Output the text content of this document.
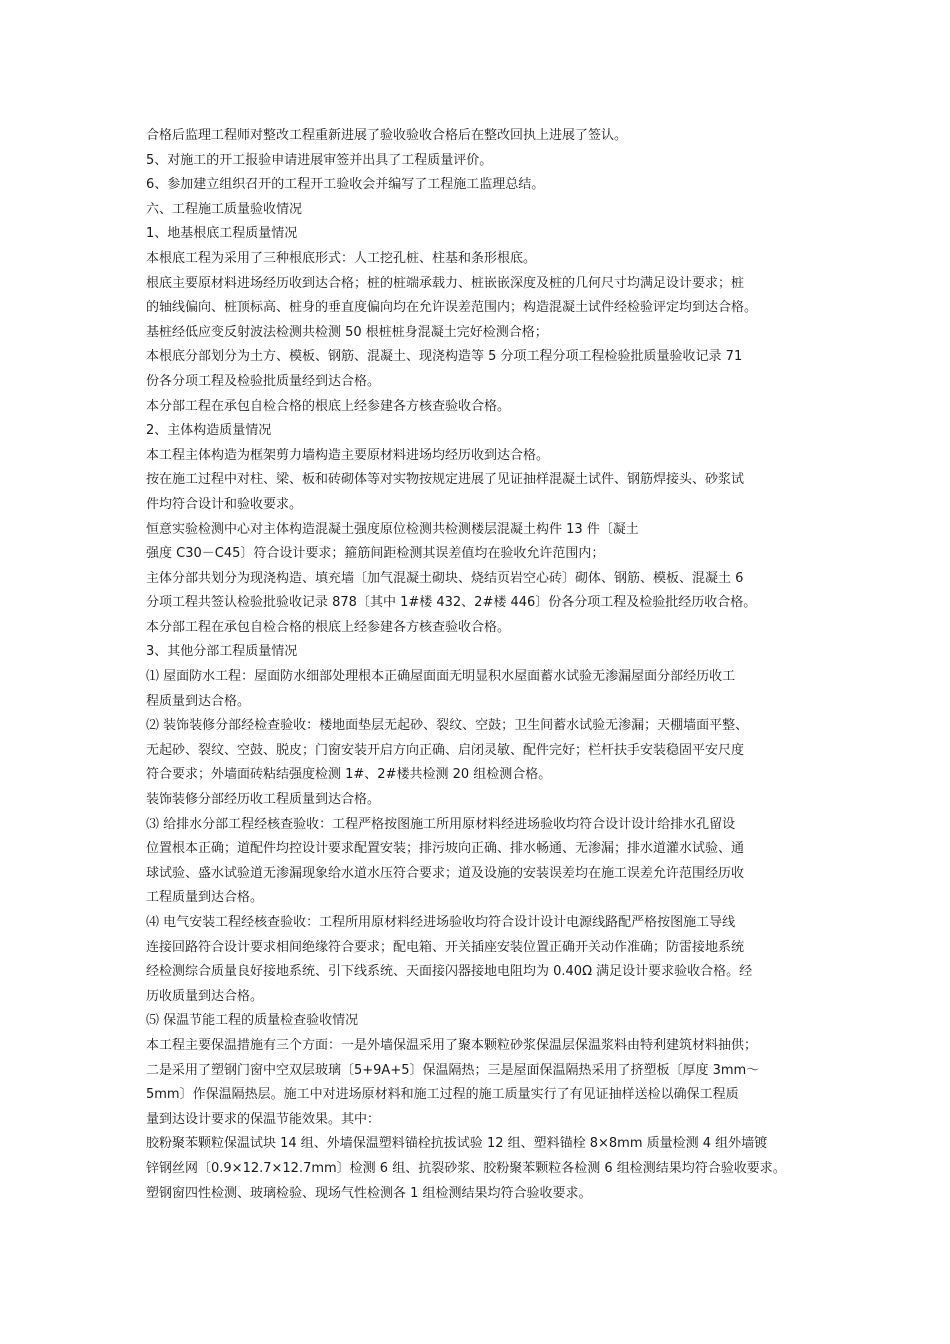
合格后监理工程师对整改工程重新进展了验收验收合格后在整改回执上进展了签认。
5、对施工的开工报验申请进展审签并出具了工程质量评价。
6、参加建立组织召开的工程开工验收会并编写了工程施工监理总结。
六、工程施工质量验收情况
1、地基根底工程质量情况
本根底工程为采用了三种根底形式：人工挖孔桩、柱基和条形根底。
根底主要原材料进场经历收到达合格；桩的桩端承载力、桩嵌嵌深度及桩的几何尺寸均满足设计要求；桩
的轴线偏向、桩顶标高、桩身的垂直度偏向均在允许误差范围内；构造混凝土试件经检验评定均到达合格。
基桩经低应变反射波法检测共检测 50 根桩桩身混凝土完好检测合格；
本根底分部划分为土方、模板、钢筋、混凝土、现浇构造等 5 分项工程分项工程检验批质量验收记录 71
份各分项工程及检验批质量经到达合格。
本分部工程在承包自检合格的根底上经参建各方核查验收合格。
2、主体构造质量情况
本工程主体构造为框架剪力墙构造主要原材料进场均经历收到达合格。
按在施工过程中对柱、梁、板和砖砌体等对实物按规定进展了见证抽样混凝土试件、钢筋焊接头、砂浆试
件均符合设计和验收要求。
恒意实验检测中心对主体构造混凝土强度原位检测共检测楼层混凝土构件 13 件〔凝土
强度 C30－C45〕符合设计要求；箍筋间距检测其误差值均在验收允许范围内；
主体分部共划分为现浇构造、填充墙〔加气混凝土砌块、烧结页岩空心砖〕砌体、钢筋、模板、混凝土 6
分项工程共签认检验批验收记录 878〔其中 1#楼 432、2#楼 446〕份各分项工程及检验批经历收合格。
本分部工程在承包自检合格的根底上经参建各方核查验收合格。
3、其他分部工程质量情况
⑴ 屋面防水工程：屋面防水细部处理根本正确屋面面无明显积水屋面蓄水试验无渗漏屋面分部经历收工
程质量到达合格。
⑵ 装饰装修分部经检查验收：楼地面垫层无起砂、裂纹、空鼓；卫生间蓄水试验无渗漏；天棚墙面平整、
无起砂、裂纹、空鼓、脱皮；门窗安装开启方向正确、启闭灵敏、配件完好；栏杆扶手安装稳固平安尺度
符合要求；外墙面砖粘结强度检测 1#、2#楼共检测 20 组检测合格。
装饰装修分部经历收工程质量到达合格。
⑶ 给排水分部工程经核查验收：工程严格按图施工所用原材料经进场验收均符合设计设计给排水孔留设
位置根本正确；道配件均控设计要求配置安装；排污坡向正确、排水畅通、无渗漏；排水道灌水试验、通
球试验、盛水试验道无渗漏现象给水道水压符合要求；道及设施的安装误差均在施工误差允许范围经历收
工程质量到达合格。
⑷ 电气安装工程经核查验收：工程所用原材料经进场验收均符合设计设计电源线路配严格按图施工导线
连接回路符合设计要求相间绝缘符合要求；配电箱、开关插座安装位置正确开关动作准确；防雷接地系统
经检测综合质量良好接地系统、引下线系统、天面接闪器接地电阻均为 0.40Ω 满足设计要求验收合格。经
历收质量到达合格。
⑸ 保温节能工程的质量检查验收情况
本工程主要保温措施有三个方面：一是外墙保温采用了聚本颗粒砂浆保温层保温浆料由特利建筑材料抽供；
二是采用了塑钢门窗中空双层玻璃〔5+9A+5〕保温隔热；三是屋面保温隔热采用了挤塑板〔厚度 3mm～
5mm〕作保温隔热层。施工中对进场原材料和施工过程的施工质量实行了有见证抽样送检以确保工程质
量到达设计要求的保温节能效果。其中：
胶粉聚苯颗粒保温试块 14 组、外墙保温塑料锚栓抗拔试验 12 组、塑料锚栓 8×8mm 质量检测 4 组外墙镀
锌钢丝网〔0.9×12.7×12.7mm〕检测 6 组、抗裂砂浆、胶粉聚苯颗粒各检测 6 组检测结果均符合验收要求。
塑钢窗四性检测、玻璃检验、现场气性检测各 1 组检测结果均符合验收要求。
